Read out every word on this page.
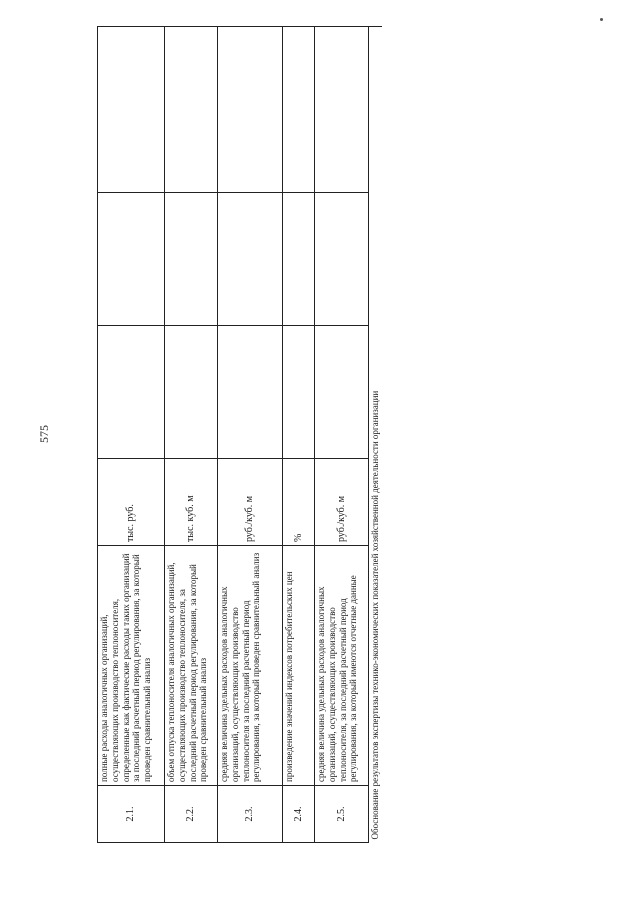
575
2.1.	полные расходы аналогичных организаций, осуществляющих производство теплоносителя, определенные как фактические расходы таких организаций за последний расчетный период регулирования, за который проведен сравнительный анализ	тыс. руб.			
2.2.	объем отпуска теплоносителя аналогичных организаций, осуществляющих производство теплоносителя, за последний расчетный период регулирования, за который проведен сравнительный анализ	тыс. куб. м			
2.3.	средняя величина удельных расходов аналогичных организаций, осуществляющих производство теплоносителя за последний расчетный период регулирования, за который проведен сравнительный анализ	руб./куб. м			
2.4.	произведение значений индексов потребительских цен	%			
2.5.	средняя величина удельных расходов аналогичных организаций, осуществляющих производство теплоносителя, за последний расчетный период регулирования, за который имеются отчетные данные	руб./куб. м			
Обоснование результатов экспертизы технико-экономических показателей хозяйственной деятельности организации					
